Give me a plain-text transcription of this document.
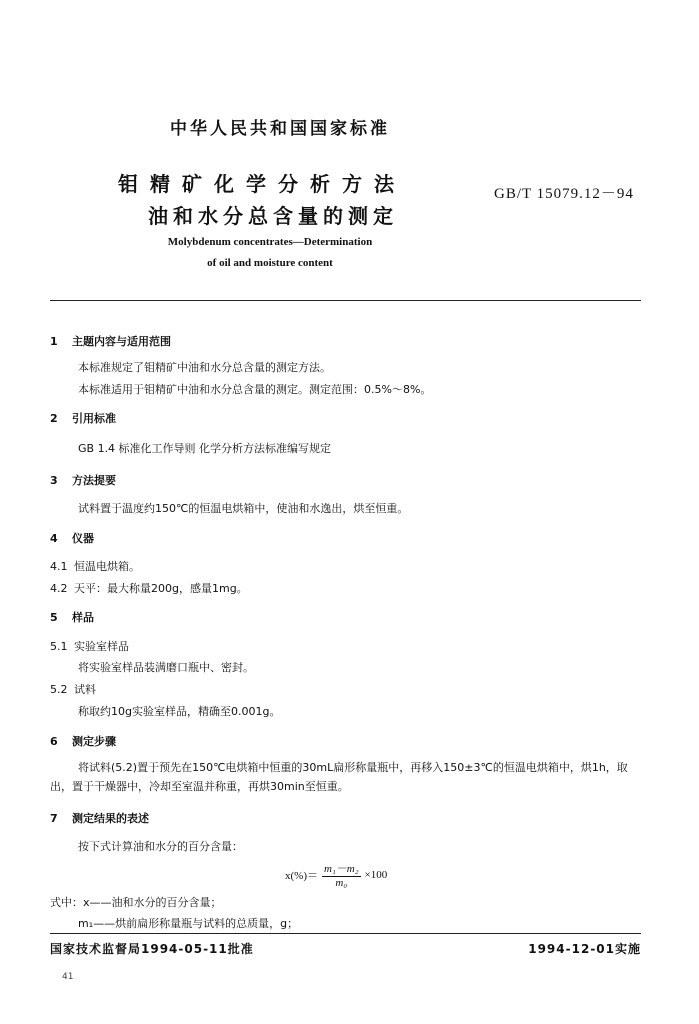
中华人民共和国国家标准
钼精矿化学分析方法
油和水分总含量的测定
GB/T 15079.12－94
Molybdenum concentrates—Determination
of oil and moisture content
1 主题内容与适用范围
本标准规定了钼精矿中油和水分总含量的测定方法。
本标准适用于钼精矿中油和水分总含量的测定。测定范围：0.5%～8%。
2 引用标准
GB 1.4 标准化工作导则 化学分析方法标准编写规定
3 方法提要
试料置于温度约150℃的恒温电烘箱中，使油和水逸出，烘至恒重。
4 仪器
4.1 恒温电烘箱。
4.2 天平：最大称量200g，感量1mg。
5 样品
5.1 实验室样品
将实验室样品装满磨口瓶中、密封。
5.2 试料
称取约10g实验室样品，精确至0.001g。
6 测定步骤
将试料(5.2)置于预先在150℃电烘箱中恒重的30mL扁形称量瓶中，再移入150±3℃的恒温电烘箱中，烘1h，取出，置于干燥器中，冷却至室温并称重，再烘30min至恒重。
7 测定结果的表述
按下式计算油和水分的百分含量：
$x(\%)= \frac{\text{m₁－m₂}}{\text{m₀}} \times 100$
式中：x——油和水分的百分含量；
m₁——烘前扁形称量瓶与试料的总质量，g；
国家技术监督局1994-05-11批准	1994-12-01实施
41
